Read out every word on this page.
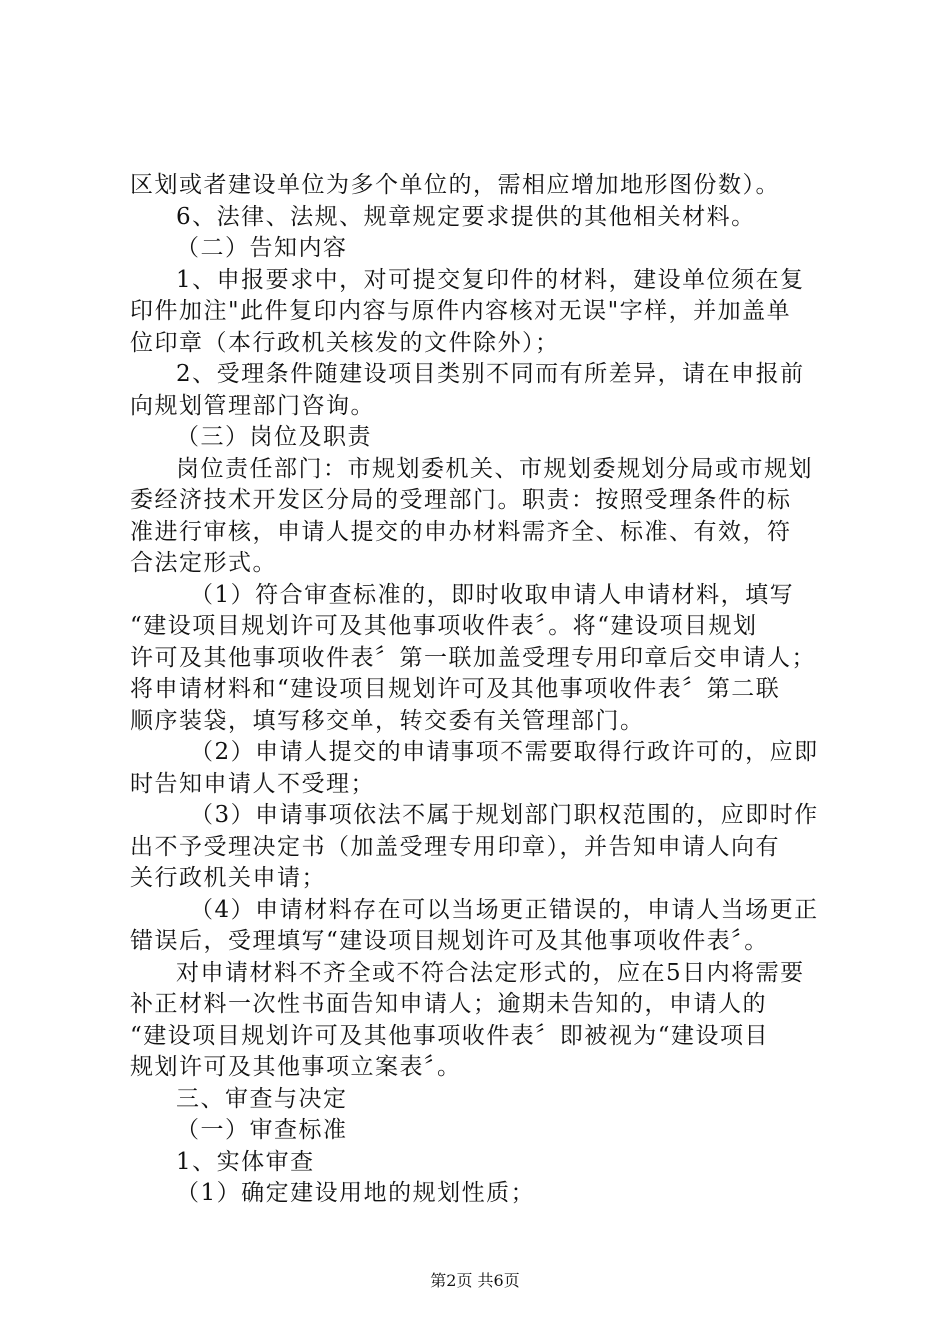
区划或者建设单位为多个单位的，需相应增加地形图份数）。
6、法律、法规、规章规定要求提供的其他相关材料。
（二）告知内容
1、申报要求中，对可提交复印件的材料，建设单位须在复
印件加注"此件复印内容与原件内容核对无误"字样，并加盖单
位印章（本行政机关核发的文件除外）；
2、受理条件随建设项目类别不同而有所差异，请在申报前
向规划管理部门咨询。
（三）岗位及职责
岗位责任部门：市规划委机关、市规划委规划分局或市规划
委经济技术开发区分局的受理部门。职责：按照受理条件的标
准进行审核，申请人提交的申办材料需齐全、标准、有效，符
合法定形式。
（1）符合审查标准的，即时收取申请人申请材料，填写
“建设项目规划许可及其他事项收件表〞。将“建设项目规划
许可及其他事项收件表〞第一联加盖受理专用印章后交申请人；
将申请材料和“建设项目规划许可及其他事项收件表〞第二联
顺序装袋，填写移交单，转交委有关管理部门。
（2）申请人提交的申请事项不需要取得行政许可的，应即
时告知申请人不受理；
（3）申请事项依法不属于规划部门职权范围的，应即时作
出不予受理决定书（加盖受理专用印章），并告知申请人向有
关行政机关申请；
（4）申请材料存在可以当场更正错误的，申请人当场更正
错误后，受理填写“建设项目规划许可及其他事项收件表〞。
对申请材料不齐全或不符合法定形式的，应在5日内将需要
补正材料一次性书面告知申请人；逾期未告知的，申请人的
“建设项目规划许可及其他事项收件表〞即被视为“建设项目
规划许可及其他事项立案表〞。
三、审查与决定
（一）审查标准
1、实体审查
（1）确定建设用地的规划性质；
第2页 共6页
